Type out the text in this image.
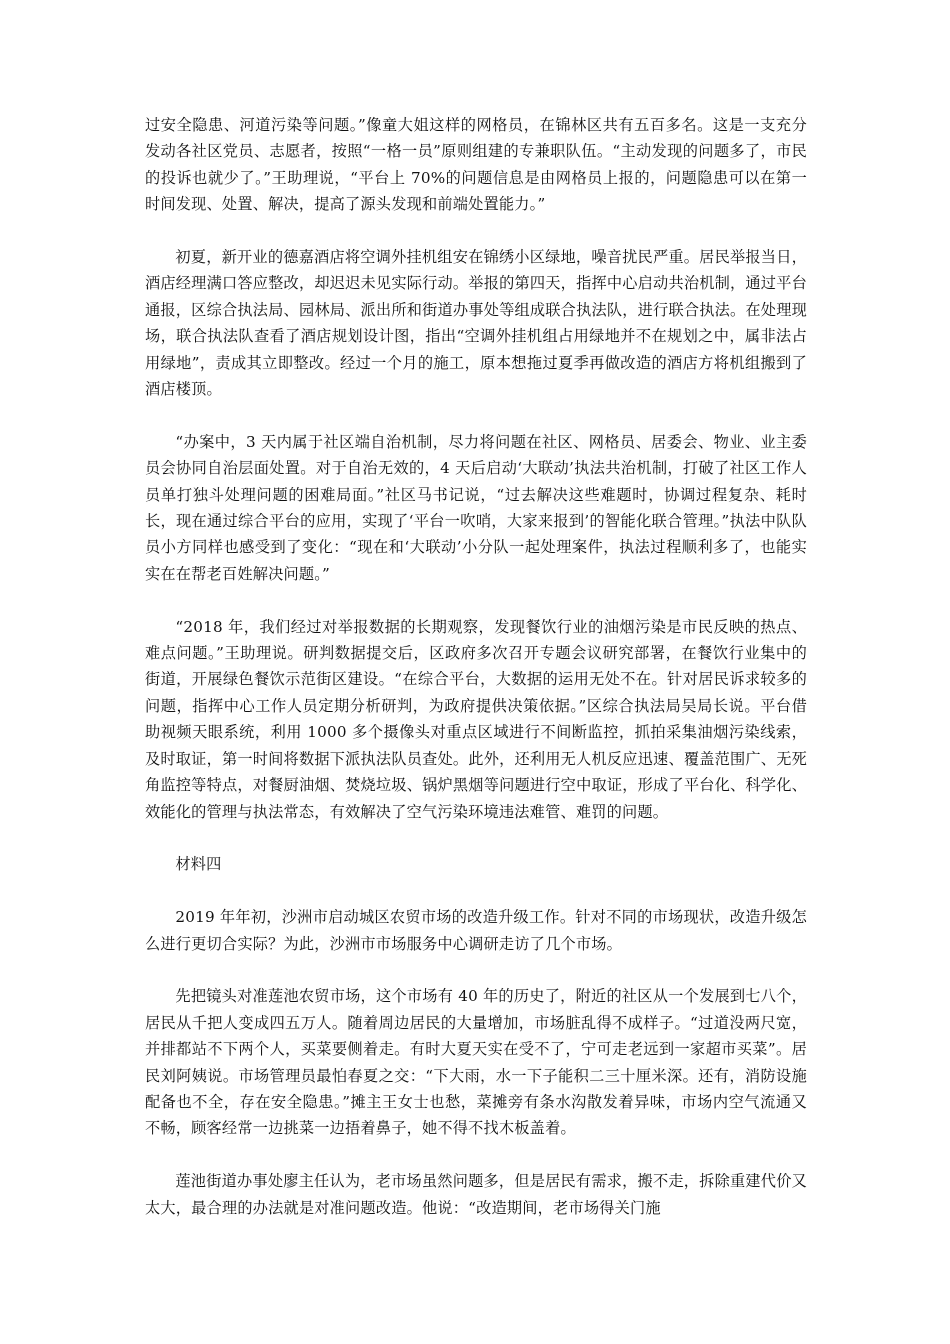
过安全隐患、河道污染等问题。”像童大姐这样的网格员，在锦林区共有五百多名。这是一支充分发动各社区党员、志愿者，按照“一格一员”原则组建的专兼职队伍。“主动发现的问题多了，市民的投诉也就少了。”王助理说，“平台上 70%的问题信息是由网格员上报的，问题隐患可以在第一时间发现、处置、解决，提高了源头发现和前端处置能力。”

初夏，新开业的德嘉酒店将空调外挂机组安在锦绣小区绿地，噪音扰民严重。居民举报当日，酒店经理满口答应整改，却迟迟未见实际行动。举报的第四天，指挥中心启动共治机制，通过平台通报，区综合执法局、园林局、派出所和街道办事处等组成联合执法队，进行联合执法。在处理现场，联合执法队查看了酒店规划设计图，指出“空调外挂机组占用绿地并不在规划之中，属非法占用绿地”，责成其立即整改。经过一个月的施工，原本想拖过夏季再做改造的酒店方将机组搬到了酒店楼顶。

“办案中，3 天内属于社区端自治机制，尽力将问题在社区、网格员、居委会、物业、业主委员会协同自治层面处置。对于自治无效的，4 天后启动‘大联动’执法共治机制，打破了社区工作人员单打独斗处理问题的困难局面。”社区马书记说，“过去解决这些难题时，协调过程复杂、耗时长，现在通过综合平台的应用，实现了‘平台一吹哨，大家来报到’的智能化联合管理。”执法中队队员小方同样也感受到了变化：“现在和‘大联动’小分队一起处理案件，执法过程顺利多了，也能实实在在帮老百姓解决问题。”

“2018 年，我们经过对举报数据的长期观察，发现餐饮行业的油烟污染是市民反映的热点、难点问题。”王助理说。研判数据提交后，区政府多次召开专题会议研究部署，在餐饮行业集中的街道，开展绿色餐饮示范街区建设。“在综合平台，大数据的运用无处不在。针对居民诉求较多的问题，指挥中心工作人员定期分析研判，为政府提供决策依据。”区综合执法局吴局长说。平台借助视频天眼系统，利用 1000 多个摄像头对重点区域进行不间断监控，抓拍采集油烟污染线索，及时取证，第一时间将数据下派执法队员查处。此外，还利用无人机反应迅速、覆盖范围广、无死角监控等特点，对餐厨油烟、焚烧垃圾、锅炉黑烟等问题进行空中取证，形成了平台化、科学化、效能化的管理与执法常态，有效解决了空气污染环境违法难管、难罚的问题。

材料四

2019 年年初，沙洲市启动城区农贸市场的改造升级工作。针对不同的市场现状，改造升级怎么进行更切合实际？为此，沙洲市市场服务中心调研走访了几个市场。

先把镜头对准莲池农贸市场，这个市场有 40 年的历史了，附近的社区从一个发展到七八个，居民从千把人变成四五万人。随着周边居民的大量增加，市场脏乱得不成样子。“过道没两尺宽，并排都站不下两个人，买菜要侧着走。有时大夏天实在受不了，宁可走老远到一家超市买菜”。居民刘阿姨说。市场管理员最怕春夏之交：“下大雨，水一下子能积二三十厘米深。还有，消防设施配备也不全，存在安全隐患。”摊主王女士也愁，菜摊旁有条水沟散发着异味，市场内空气流通又不畅，顾客经常一边挑菜一边捂着鼻子，她不得不找木板盖着。

莲池街道办事处廖主任认为，老市场虽然问题多，但是居民有需求，搬不走，拆除重建代价又太大，最合理的办法就是对准问题改造。他说：“改造期间，老市场得关门施
